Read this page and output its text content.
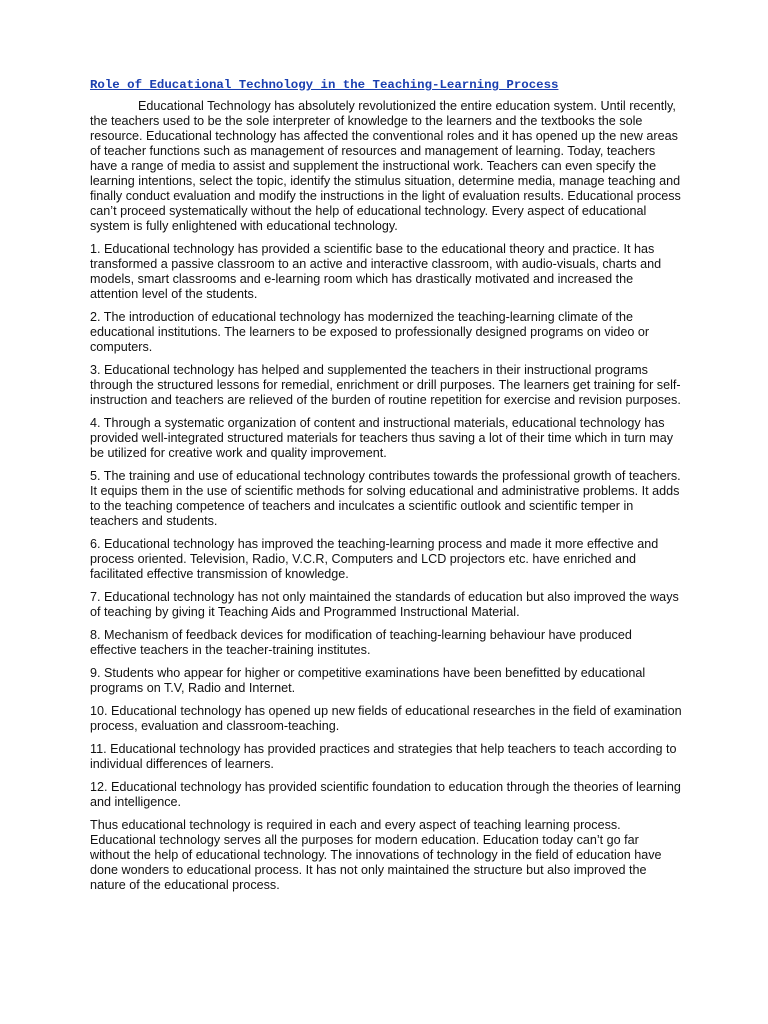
Role of Educational Technology in the Teaching-Learning Process

Educational Technology has absolutely revolutionized the entire education system. Until recently, the teachers used to be the sole interpreter of knowledge to the learners and the textbooks the sole resource. Educational technology has affected the conventional roles and it has opened up the new areas of teacher functions such as management of resources and management of learning. Today, teachers have a range of media to assist and supplement the instructional work. Teachers can even specify the learning intentions, select the topic, identify the stimulus situation, determine media, manage teaching and finally conduct evaluation and modify the instructions in the light of evaluation results. Educational process can’t proceed systematically without the help of educational technology. Every aspect of educational system is fully enlightened with educational technology.

1. Educational technology has provided a scientific base to the educational theory and practice. It has transformed a passive classroom to an active and interactive classroom, with audio-visuals, charts and models, smart classrooms and e-learning room which has drastically motivated and increased the attention level of the students.

2. The introduction of educational technology has modernized the teaching-learning climate of the educational institutions. The learners to be exposed to professionally designed programs on video or computers.

3. Educational technology has helped and supplemented the teachers in their instructional programs through the structured lessons for remedial, enrichment or drill purposes. The learners get training for self-instruction and teachers are relieved of the burden of routine repetition for exercise and revision purposes.

4. Through a systematic organization of content and instructional materials, educational technology has provided well-integrated structured materials for teachers thus saving a lot of their time which in turn may be utilized for creative work and quality improvement.

5. The training and use of educational technology contributes towards the professional growth of teachers. It equips them in the use of scientific methods for solving educational and administrative problems. It adds to the teaching competence of teachers and inculcates a scientific outlook and scientific temper in teachers and students.

6. Educational technology has improved the teaching-learning process and made it more effective and process oriented. Television, Radio, V.C.R, Computers and LCD projectors etc. have enriched and facilitated effective transmission of knowledge.

7. Educational technology has not only maintained the standards of education but also improved the ways of teaching by giving it Teaching Aids and Programmed Instructional Material.

8. Mechanism of feedback devices for modification of teaching-learning behaviour have produced effective teachers in the teacher-training institutes.

9. Students who appear for higher or competitive examinations have been benefitted by educational programs on T.V, Radio and Internet.

10. Educational technology has opened up new fields of educational researches in the field of examination process, evaluation and classroom-teaching.

11. Educational technology has provided practices and strategies that help teachers to teach according to individual differences of learners.

12. Educational technology has provided scientific foundation to education through the theories of learning and intelligence.

Thus educational technology is required in each and every aspect of teaching learning process. Educational technology serves all the purposes for modern education. Education today can’t go far without the help of educational technology. The innovations of technology in the field of education have done wonders to educational process. It has not only maintained the structure but also improved the nature of the educational process.
